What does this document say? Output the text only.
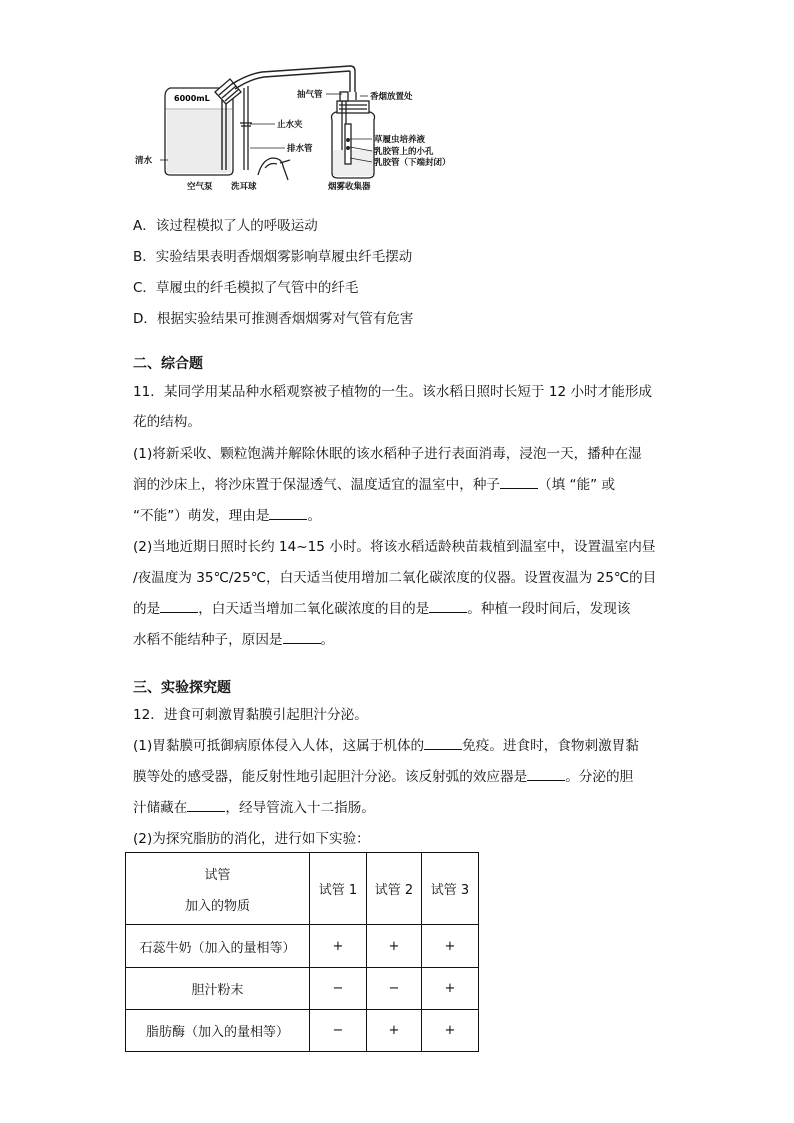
6000mL
清水
空气泵 洗耳球
止水夹
排水管
抽气管	香烟放置处
草履虫培养液
乳胶管上的小孔
乳胶管（下端封闭）
烟雾收集器
A．该过程模拟了人的呼吸运动
B．实验结果表明香烟烟雾影响草履虫纤毛摆动
C．草履虫的纤毛模拟了气管中的纤毛
D．根据实验结果可推测香烟烟雾对气管有危害
二、综合题
11．某同学用某品种水稻观察被子植物的一生。该水稻日照时长短于 12 小时才能形成
花的结构。
(1)将新采收、颗粒饱满并解除休眠的该水稻种子进行表面消毒，浸泡一天，播种在湿
润的沙床上，将沙床置于保湿透气、温度适宜的温室中，种子	（填 “能” 或
“不能”）萌发，理由是	。
(2)当地近期日照时长约 14~15 小时。将该水稻适龄秧苗栽植到温室中，设置温室内昼
/夜温度为 35℃/25℃，白天适当使用增加二氧化碳浓度的仪器。设置夜温为 25℃的目
的是	，白天适当增加二氧化碳浓度的目的是	。种植一段时间后，发现该
水稻不能结种子，原因是	。
三、实验探究题
12．进食可刺激胃黏膜引起胆汁分泌。
(1)胃黏膜可抵御病原体侵入人体，这属于机体的	免疫。进食时，食物刺激胃黏
膜等处的感受器，能反射性地引起胆汁分泌。该反射弧的效应器是	。分泌的胆
汁储藏在	，经导管流入十二指肠。
(2)为探究脂肪的消化，进行如下实验：
试管
加入的物质	试管 1	试管 2	试管 3
石蕊牛奶（加入的量相等）	+	+	+
胆汁粉末	−	−	+
脂肪酶（加入的量相等）	−	+	+
